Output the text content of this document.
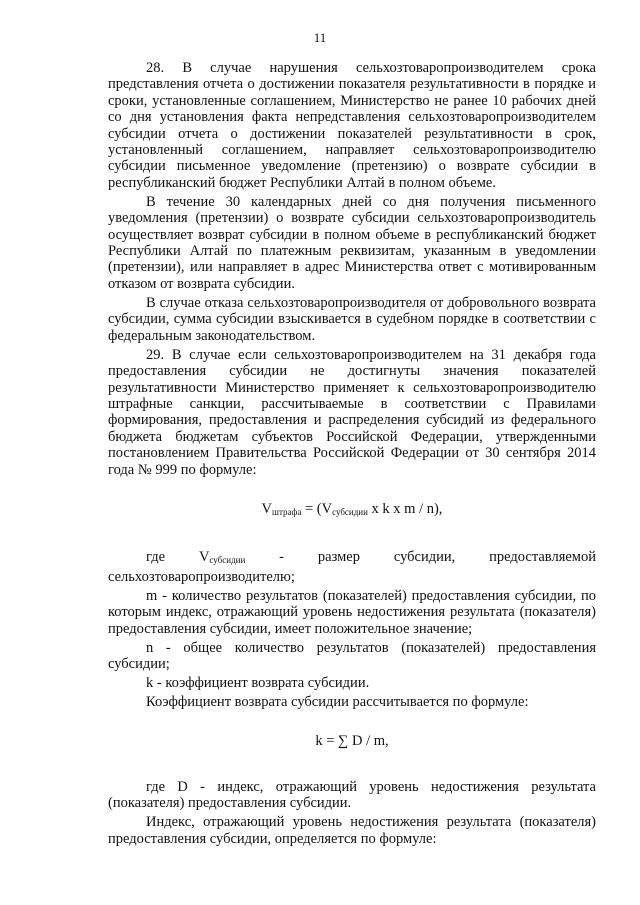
11

28. В случае нарушения сельхозтоваропроизводителем срока представления отчета о достижении показателя результативности в порядке и сроки, установленные соглашением, Министерство не ранее 10 рабочих дней со дня установления факта непредставления сельхозтоваропроизводителем субсидии отчета о достижении показателей результативности в срок, установленный соглашением, направляет сельхозтоваропроизводителю субсидии письменное уведомление (претензию) о возврате субсидии в республиканский бюджет Республики Алтай в полном объеме.

В течение 30 календарных дней со дня получения письменного уведомления (претензии) о возврате субсидии сельхозтоваропроизводитель осуществляет возврат субсидии в полном объеме в республиканский бюджет Республики Алтай по платежным реквизитам, указанным в уведомлении (претензии), или направляет в адрес Министерства ответ с мотивированным отказом от возврата субсидии.

В случае отказа сельхозтоваропроизводителя от добровольного возврата субсидии, сумма субсидии взыскивается в судебном порядке в соответствии с федеральным законодательством.

29. В случае если сельхозтоваропроизводителем на 31 декабря года предоставления субсидии не достигнуты значения показателей результативности Министерство применяет к сельхозтоваропроизводителю штрафные санкции, рассчитываемые в соответствии с Правилами формирования, предоставления и распределения субсидий из федерального бюджета бюджетам субъектов Российской Федерации, утвержденными постановлением Правительства Российской Федерации от 30 сентября 2014 года № 999 по формуле:

$V_{штрафа} = (V_{субсидии}$ x k x m / n),
где $V_{субсидии}$ - размер субсидии, предоставляемой

сельхозтоваропроизводителю;

m - количество результатов (показателей) предоставления субсидии, по которым индекс, отражающий уровень недостижения результата (показателя) предоставления субсидии, имеет положительное значение;

n - общее количество результатов (показателей) предоставления субсидии;

k - коэффициент возврата субсидии.

Коэффициент возврата субсидии рассчитывается по формуле:

k = ∑ D / m,

где D - индекс, отражающий уровень недостижения результата (показателя) предоставления субсидии.

Индекс, отражающий уровень недостижения результата (показателя) предоставления субсидии, определяется по формуле:
